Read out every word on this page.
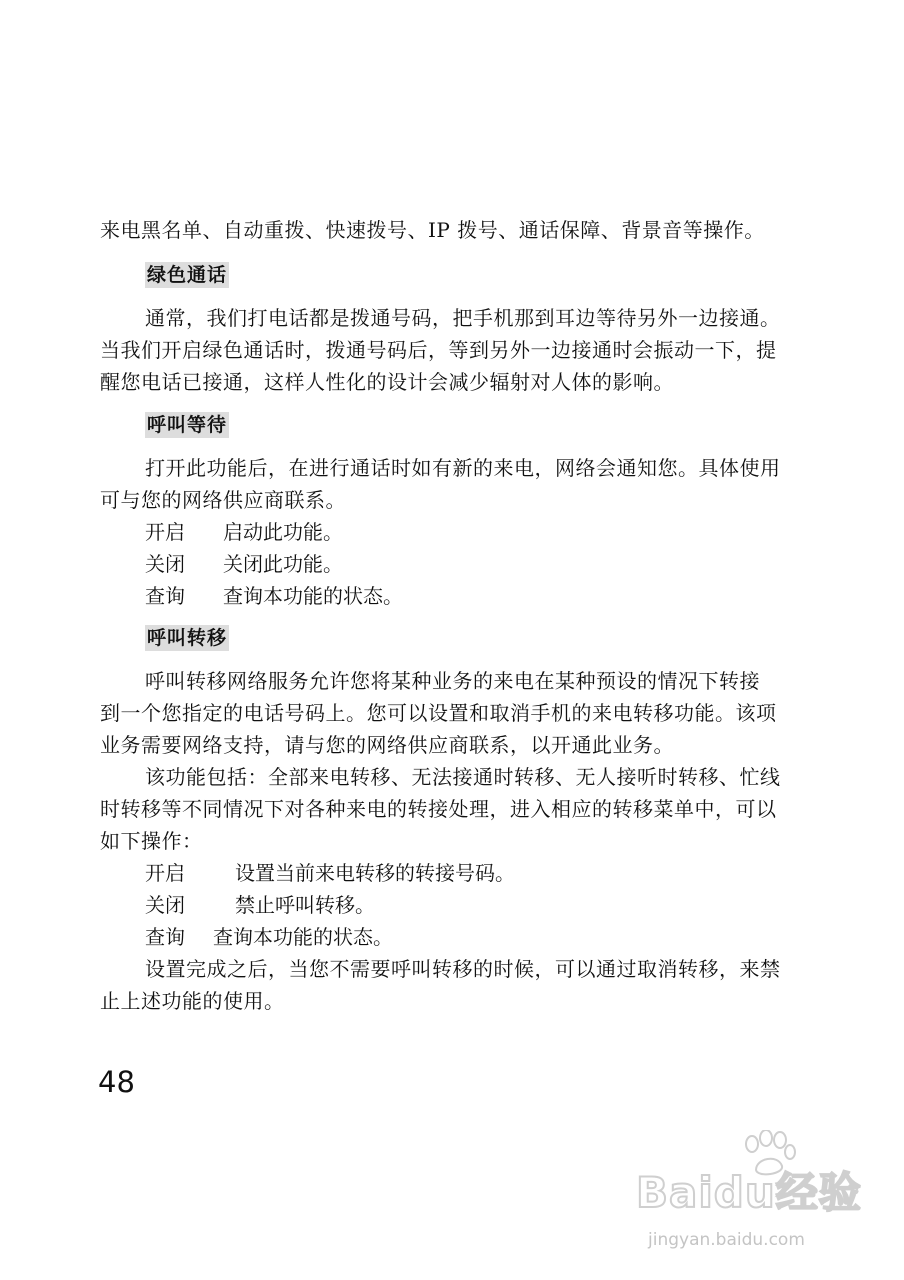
来电黑名单、自动重拨、快速拨号、IP 拨号、通话保障、背景音等操作。
绿色通话
通常，我们打电话都是拨通号码，把手机那到耳边等待另外一边接通。
当我们开启绿色通话时，拨通号码后，等到另外一边接通时会振动一下，提
醒您电话已接通，这样人性化的设计会减少辐射对人体的影响。
呼叫等待
打开此功能后，在进行通话时如有新的来电，网络会通知您。具体使用
可与您的网络供应商联系。
开启 启动此功能。
关闭 关闭此功能。
查询 查询本功能的状态。
呼叫转移
呼叫转移网络服务允许您将某种业务的来电在某种预设的情况下转接
到一个您指定的电话号码上。您可以设置和取消手机的来电转移功能。该项
业务需要网络支持，请与您的网络供应商联系，以开通此业务。
该功能包括：全部来电转移、无法接通时转移、无人接听时转移、忙线
时转移等不同情况下对各种来电的转接处理，进入相应的转移菜单中，可以
如下操作：
开启	设置当前来电转移的转接号码。
关闭	禁止呼叫转移。
查询 查询本功能的状态。
设置完成之后，当您不需要呼叫转移的时候，可以通过取消转移，来禁
止上述功能的使用。
48
Baidu经验
jingyan.baidu.com
